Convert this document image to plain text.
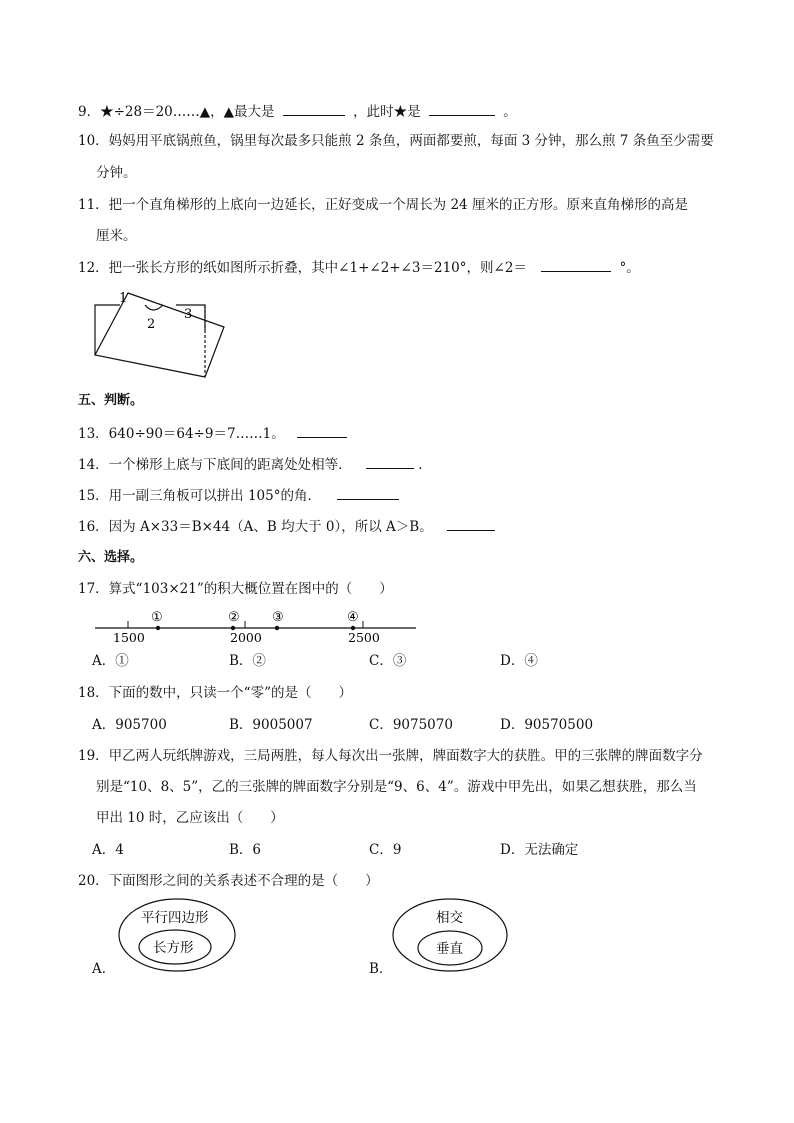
9．★÷28＝20……▲，▲最大是	，此时★是	。
10．妈妈用平底锅煎鱼，锅里每次最多只能煎 2 条鱼，两面都要煎，每面 3 分钟，那么煎 7 条鱼至少需要
分钟。
11．把一个直角梯形的上底向一边延长，正好变成一个周长为 24 厘米的正方形。原来直角梯形的高是
厘米。
12．把一张长方形的纸如图所示折叠，其中∠1+∠2+∠3＝210°，则∠2＝	°。
1
2
3
五、判断。
13．640÷90＝64÷9＝7……1。
14．一个梯形上底与下底间的距离处处相等．	．
15．用一副三角板可以拼出 105°的角．
16．因为 A×33＝B×44（A、B 均大于 0），所以 A＞B。
六、选择。
17．算式“103×21”的积大概位置在图中的（　　）
1500	2000	2500
①	② ③	④
A．①	B．②	C．③	D．④
18．下面的数中，只读一个“零”的是（　　）
A．905700	B．9005007	C．9075070	D．90570500
19．甲乙两人玩纸牌游戏，三局两胜，每人每次出一张牌，牌面数字大的获胜。甲的三张牌的牌面数字分
别是“10、8、5”，乙的三张牌的牌面数字分别是“9、6、4”。游戏中甲先出，如果乙想获胜，那么当
甲出 10 时，乙应该出（　　）
A．4	B．6	C．9	D．无法确定
20．下面图形之间的关系表述不合理的是（　　）
A．	B．
平行四边形
长方形
相交
垂直
